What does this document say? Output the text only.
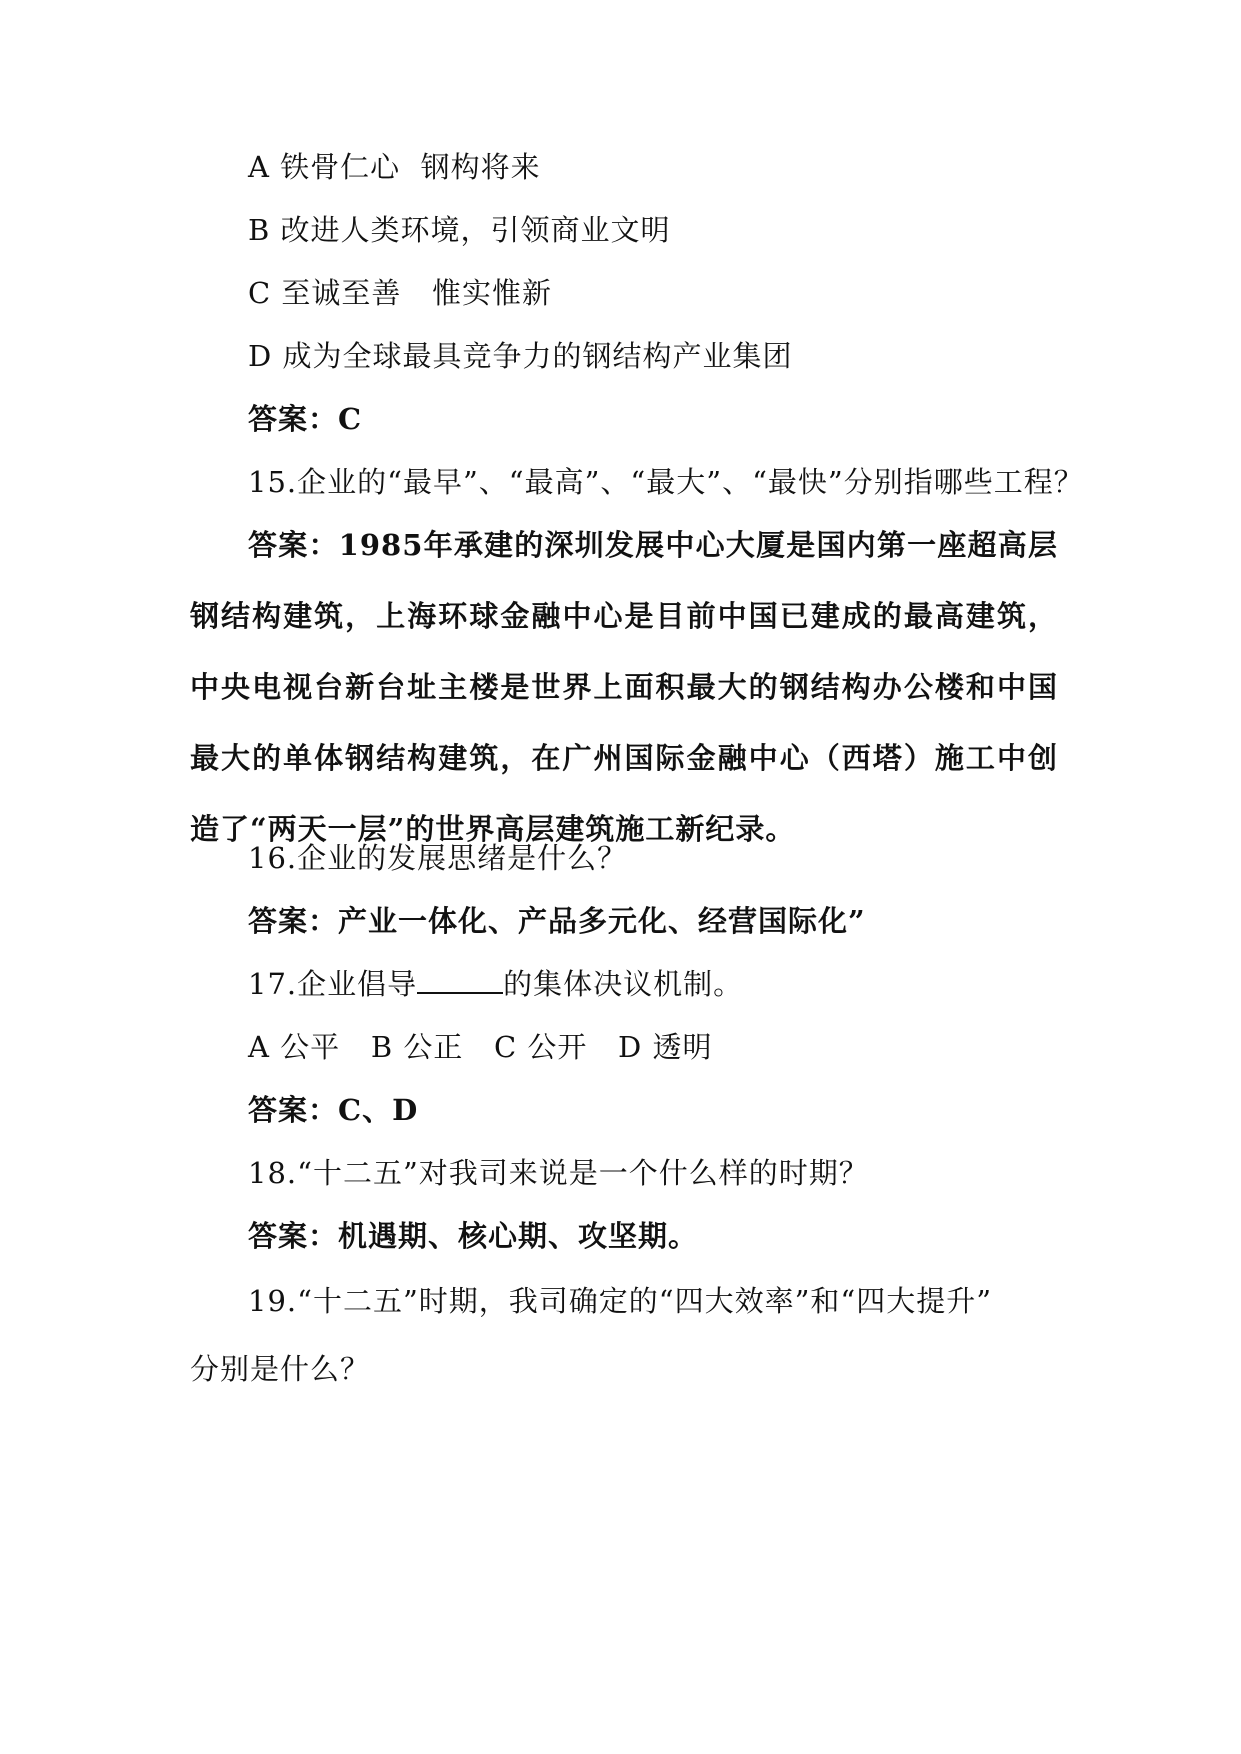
A 铁骨仁心  钢构将来
B 改进人类环境，引领商业文明
C 至诚至善   惟实惟新
D 成为全球最具竞争力的钢结构产业集团
答案：C
15.企业的“最早”、“最高”、“最大”、“最快”分别指哪些工程？
答案：1985年承建的深圳发展中心大厦是国内第一座超高层钢结构建筑，上海环球金融中心是目前中国已建成的最高建筑，中央电视台新台址主楼是世界上面积最大的钢结构办公楼和中国最大的单体钢结构建筑，在广州国际金融中心（西塔）施工中创造了“两天一层”的世界高层建筑施工新纪录。
16.企业的发展思绪是什么？
答案：产业一体化、产品多元化、经营国际化”
17.企业倡导	的集体决议机制。
A 公平   B 公正   C 公开   D 透明
答案：C、D
18.“十二五”对我司来说是一个什么样的时期？
答案：机遇期、核心期、攻坚期。
19.“十二五”时期，我司确定的“四大效率”和“四大提升”
分别是什么？
